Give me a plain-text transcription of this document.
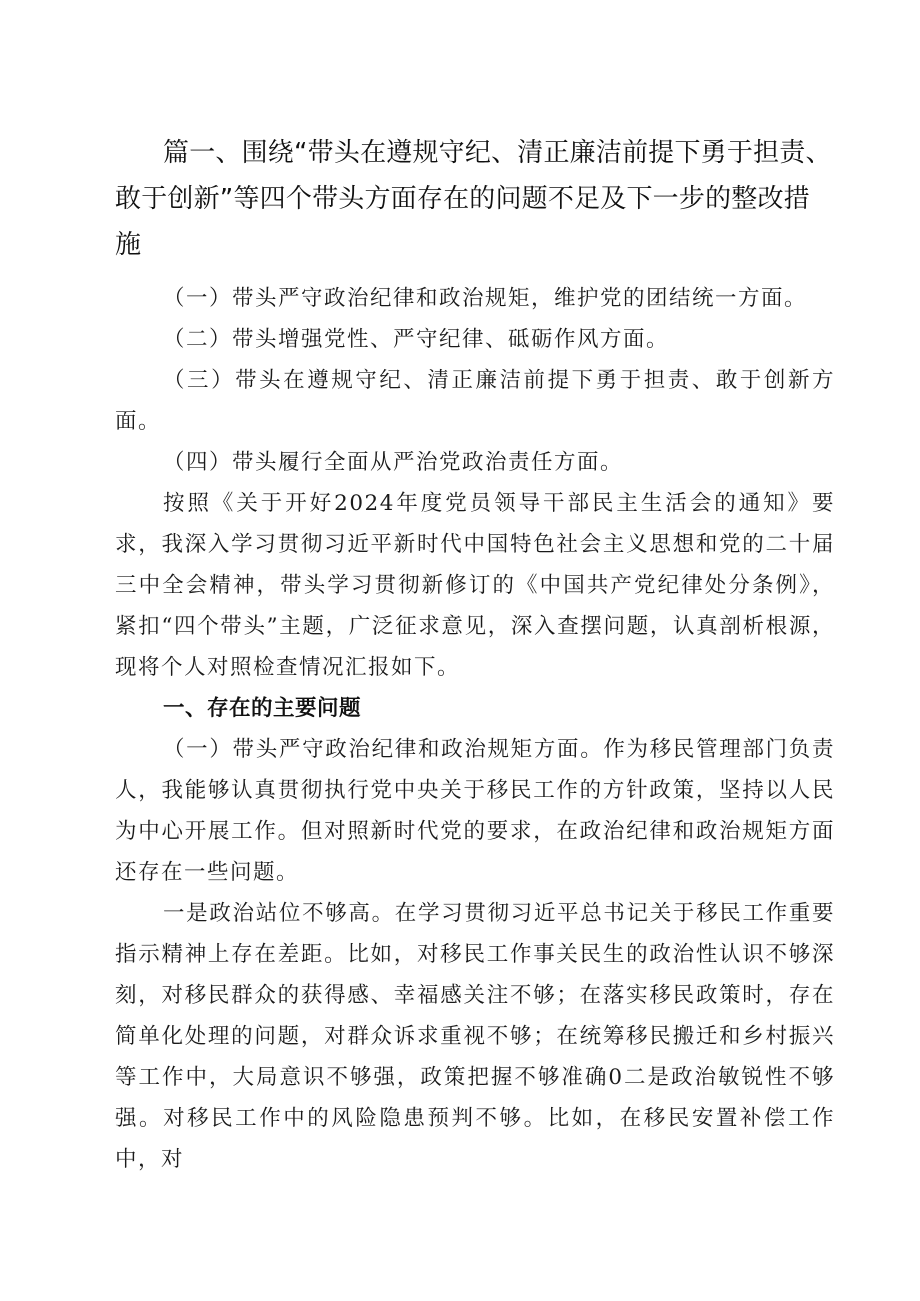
篇一、围绕“带头在遵规守纪、清正廉洁前提下勇于担责、敢于创新”等四个带头方面存在的问题不足及下一步的整改措施

（一）带头严守政治纪律和政治规矩，维护党的团结统一方面。

（二）带头增强党性、严守纪律、砥砺作风方面。

（三）带头在遵规守纪、清正廉洁前提下勇于担责、敢于创新方面。

（四）带头履行全面从严治党政治责任方面。

按照《关于开好2024年度党员领导干部民主生活会的通知》要求，我深入学习贯彻习近平新时代中国特色社会主义思想和党的二十届三中全会精神，带头学习贯彻新修订的《中国共产党纪律处分条例》，紧扣“四个带头”主题，广泛征求意见，深入查摆问题，认真剖析根源，现将个人对照检查情况汇报如下。

一、存在的主要问题

（一）带头严守政治纪律和政治规矩方面。作为移民管理部门负责人，我能够认真贯彻执行党中央关于移民工作的方针政策，坚持以人民为中心开展工作。但对照新时代党的要求，在政治纪律和政治规矩方面还存在一些问题。

一是政治站位不够高。在学习贯彻习近平总书记关于移民工作重要指示精神上存在差距。比如，对移民工作事关民生的政治性认识不够深刻，对移民群众的获得感、幸福感关注不够；在落实移民政策时，存在简单化处理的问题，对群众诉求重视不够；在统筹移民搬迁和乡村振兴等工作中，大局意识不够强，政策把握不够准确0二是政治敏锐性不够强。对移民工作中的风险隐患预判不够。比如，在移民安置补偿工作中，对
